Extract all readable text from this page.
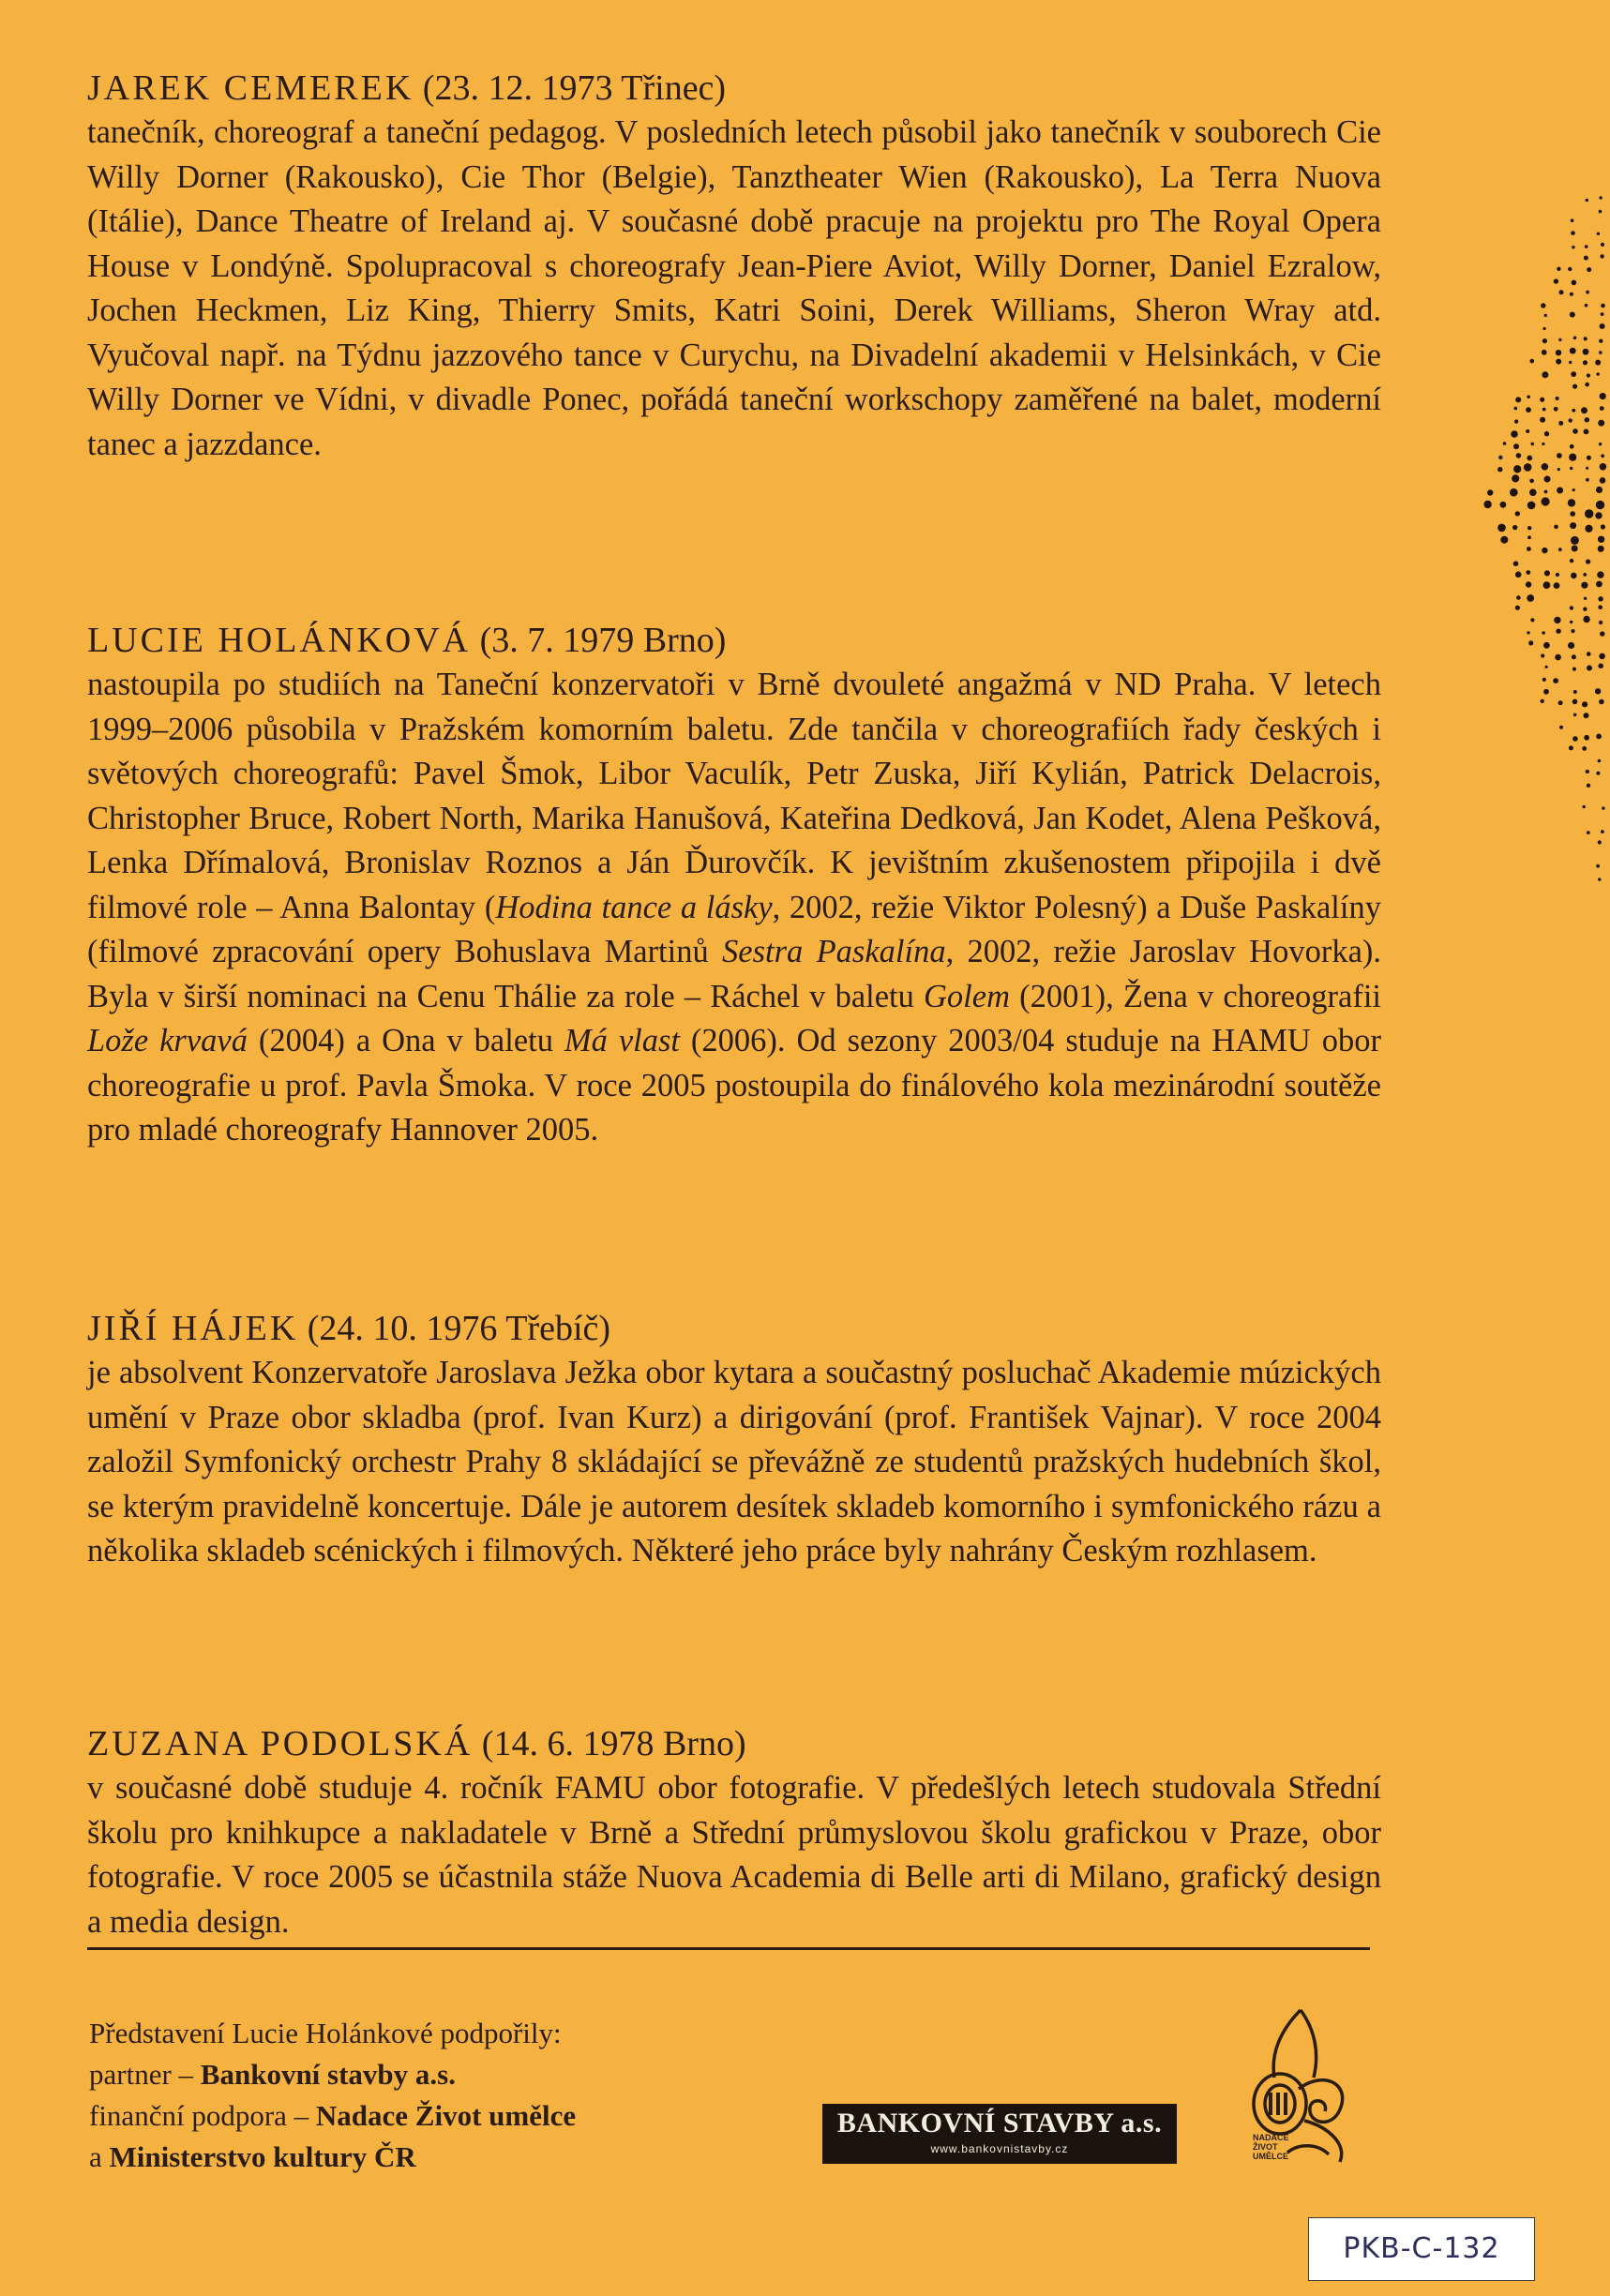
JAREK CEMEREK (23. 12. 1973 Třinec)

tanečník, choreograf a taneční pedagog. V posledních letech působil jako tanečník v souborech Cie Willy Dorner (Rakousko), Cie Thor (Belgie), Tanztheater Wien (Rakousko), La Terra Nuova (Itálie), Dance Theatre of Ireland aj. V současné době pracuje na projektu pro The Royal Opera House v Londýně. Spolupracoval s choreografy Jean-Piere Aviot, Willy Dorner, Daniel Ezralow, Jochen Heckmen, Liz King, Thierry Smits, Katri Soini, Derek Williams, Sheron Wray atd. Vyučoval např. na Týdnu jazzového tance v Curychu, na Divadelní akademii v Helsinkách, v Cie Willy Dorner ve Vídni, v divadle Ponec, pořádá taneční workschopy zaměřené na balet, moderní tanec a jazzdance.

LUCIE HOLÁNKOVÁ (3. 7. 1979 Brno)

nastoupila po studiích na Taneční konzervatoři v Brně dvouleté angažmá v ND Praha. V letech 1999–2006 působila v Pražském komorním baletu. Zde tančila v choreografiích řady českých i světových choreografů: Pavel Šmok, Libor Vaculík, Petr Zuska, Jiří Kylián, Patrick Delacrois, Christopher Bruce, Robert North, Marika Hanušová, Kateřina Dedková, Jan Kodet, Alena Pešková, Lenka Dřímalová, Bronislav Roznos a Ján Ďurovčík. K jevištním zkušenostem připojila i dvě filmové role – Anna Balontay (Hodina tance a lásky, 2002, režie Viktor Polesný) a Duše Paskalíny (filmové zpracování opery Bohuslava Martinů Sestra Paskalína, 2002, režie Jaroslav Hovorka). Byla v širší nominaci na Cenu Thálie za role – Ráchel v baletu Golem (2001), Žena v choreografii Lože krvavá (2004) a Ona v baletu Má vlast (2006). Od sezony 2003/04 studuje na HAMU obor choreografie u prof. Pavla Šmoka. V roce 2005 postoupila do finálového kola mezinárodní soutěže pro mladé choreografy Hannover 2005.

JIŘÍ HÁJEK (24. 10. 1976 Třebíč)

je absolvent Konzervatoře Jaroslava Ježka obor kytara a součastný posluchač Akademie múzických umění v Praze obor skladba (prof. Ivan Kurz) a dirigování (prof. František Vajnar). V roce 2004 založil Symfonický orchestr Prahy 8 skládající se převážně ze studentů pražských hudebních škol, se kterým pravidelně koncertuje. Dále je autorem desítek skladeb komorního i symfonického rázu a několika skladeb scénických i filmových. Některé jeho práce byly nahrány Českým rozhlasem.

ZUZANA PODOLSKÁ (14. 6. 1978 Brno)

v současné době studuje 4. ročník FAMU obor fotografie. V předešlých letech studovala Střední školu pro knihkupce a nakladatele v Brně a Střední průmyslovou školu grafickou v Praze, obor fotografie. V roce 2005 se účastnila stáže Nuova Academia di Belle arti di Milano, grafický design a media design.

Představení Lucie Holánkové podpořily:

partner – Bankovní stavby a.s.

finanční podpora – Nadace Život umělce

a Ministerstvo kultury ČR

BANKOVNÍ STAVBY a.s.
www.bankovnistavby.cz
NADACE
ŽIVOT
UMĚLCE
PKB-C-132
